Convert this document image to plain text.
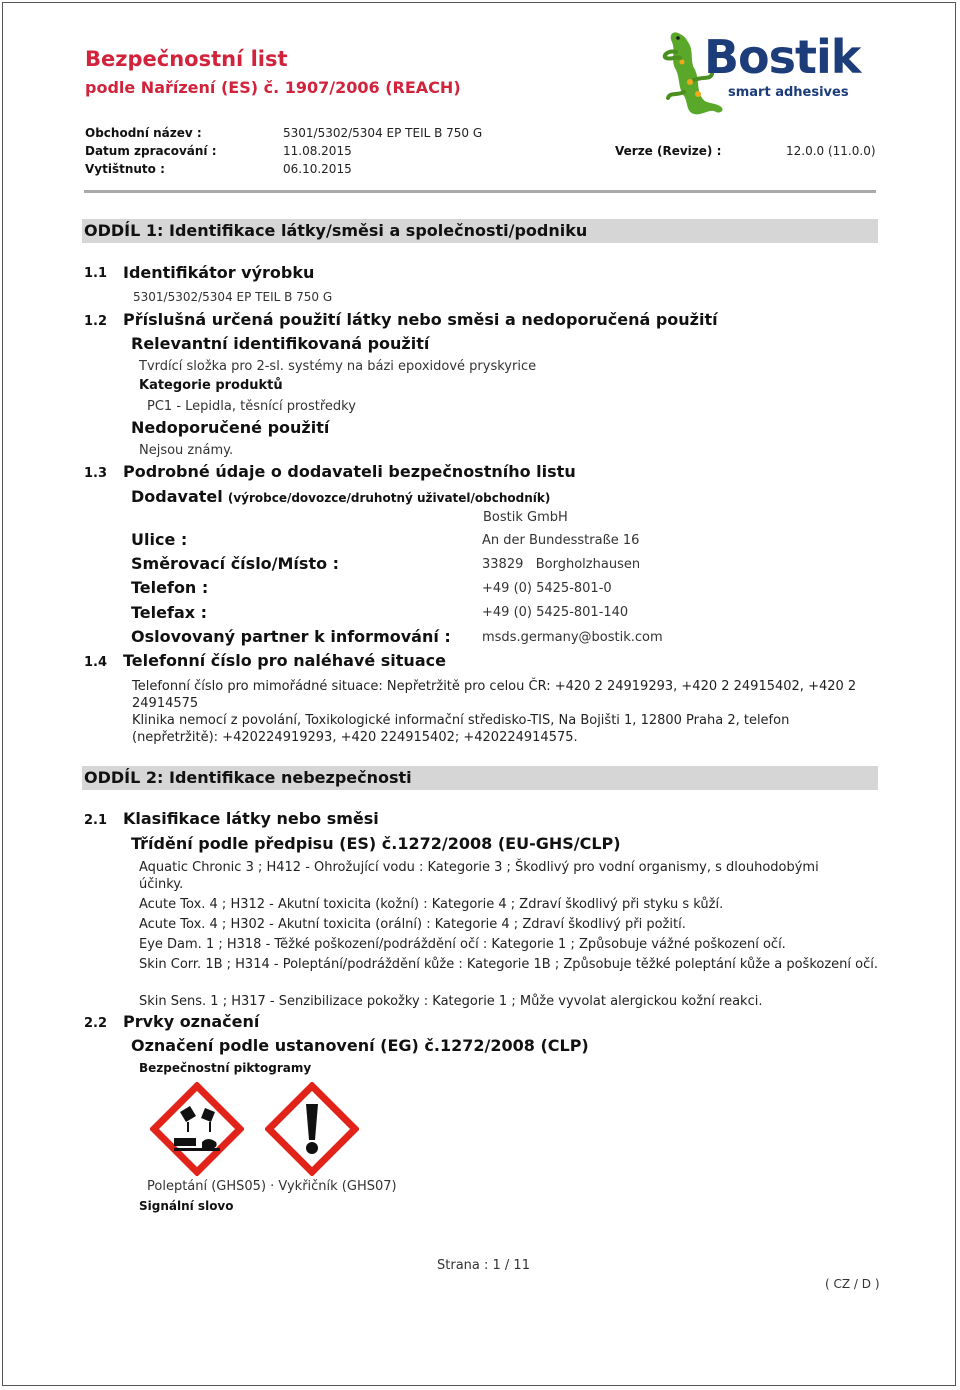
Bezpečnostní list
podle Nařízení (ES) č. 1907/2006 (REACH)
Bostik
smart adhesives
Obchodní název :	5301/5302/5304 EP TEIL B 750 G
Datum zpracování :	11.08.2015	Verze (Revize) :	12.0.0 (11.0.0)
Vytištnuto :	06.10.2015
ODDÍL 1: Identifikace látky/směsi a společnosti/podniku
1.1 Identifikátor výrobku
5301/5302/5304 EP TEIL B 750 G
1.2 Příslušná určená použití látky nebo směsi a nedoporučená použití
Relevantní identifikovaná použití
Tvrdící složka pro 2-sl. systémy na bázi epoxidové pryskyrice
Kategorie produktů
PC1 - Lepidla, těsnící prostředky
Nedoporučené použití
Nejsou známy.
1.3 Podrobné údaje o dodavateli bezpečnostního listu
Dodavatel (výrobce/dovozce/druhotný uživatel/obchodník)
Bostik GmbH
Ulice :	An der Bundesstraße 16
Směrovací číslo/Místo :	33829   Borgholzhausen
Telefon :	+49 (0) 5425-801-0
Telefax :	+49 (0) 5425-801-140
Oslovovaný partner k informování : msds.germany@bostik.com
1.4 Telefonní číslo pro naléhavé situace
Telefonní číslo pro mimořádné situace: Nepřetržitě pro celou ČR: +420 2 24919293, +420 2 24915402, +420 2 24914575
Klinika nemocí z povolání, Toxikologické informační středisko-TIS, Na Bojišti 1, 12800 Praha 2, telefon (nepřetržitě): +420224919293, +420 224915402; +420224914575.
ODDÍL 2: Identifikace nebezpečnosti
2.1 Klasifikace látky nebo směsi
Třídění podle předpisu (ES) č.1272/2008 (EU-GHS/CLP)
Aquatic Chronic 3 ; H412 - Ohrožující vodu : Kategorie 3 ; Škodlivý pro vodní organismy, s dlouhodobými účinky.
Acute Tox. 4 ; H312 - Akutní toxicita (kožní) : Kategorie 4 ; Zdraví škodlivý při styku s kůží.
Acute Tox. 4 ; H302 - Akutní toxicita (orální) : Kategorie 4 ; Zdraví škodlivý při požití.
Eye Dam. 1 ; H318 - Těžké poškození/podráždění očí : Kategorie 1 ; Způsobuje vážné poškození očí.
Skin Corr. 1B ; H314 - Poleptání/podráždění kůže : Kategorie 1B ; Způsobuje těžké poleptání kůže a poškození očí.
Skin Sens. 1 ; H317 - Senzibilizace pokožky : Kategorie 1 ; Může vyvolat alergickou kožní reakci.
2.2 Prvky označení
Označení podle ustanovení (EG) č.1272/2008 (CLP)
Bezpečnostní piktogramy
Poleptání (GHS05) · Vykřičník (GHS07)
Signální slovo
Strana : 1 / 11
( CZ / D )
